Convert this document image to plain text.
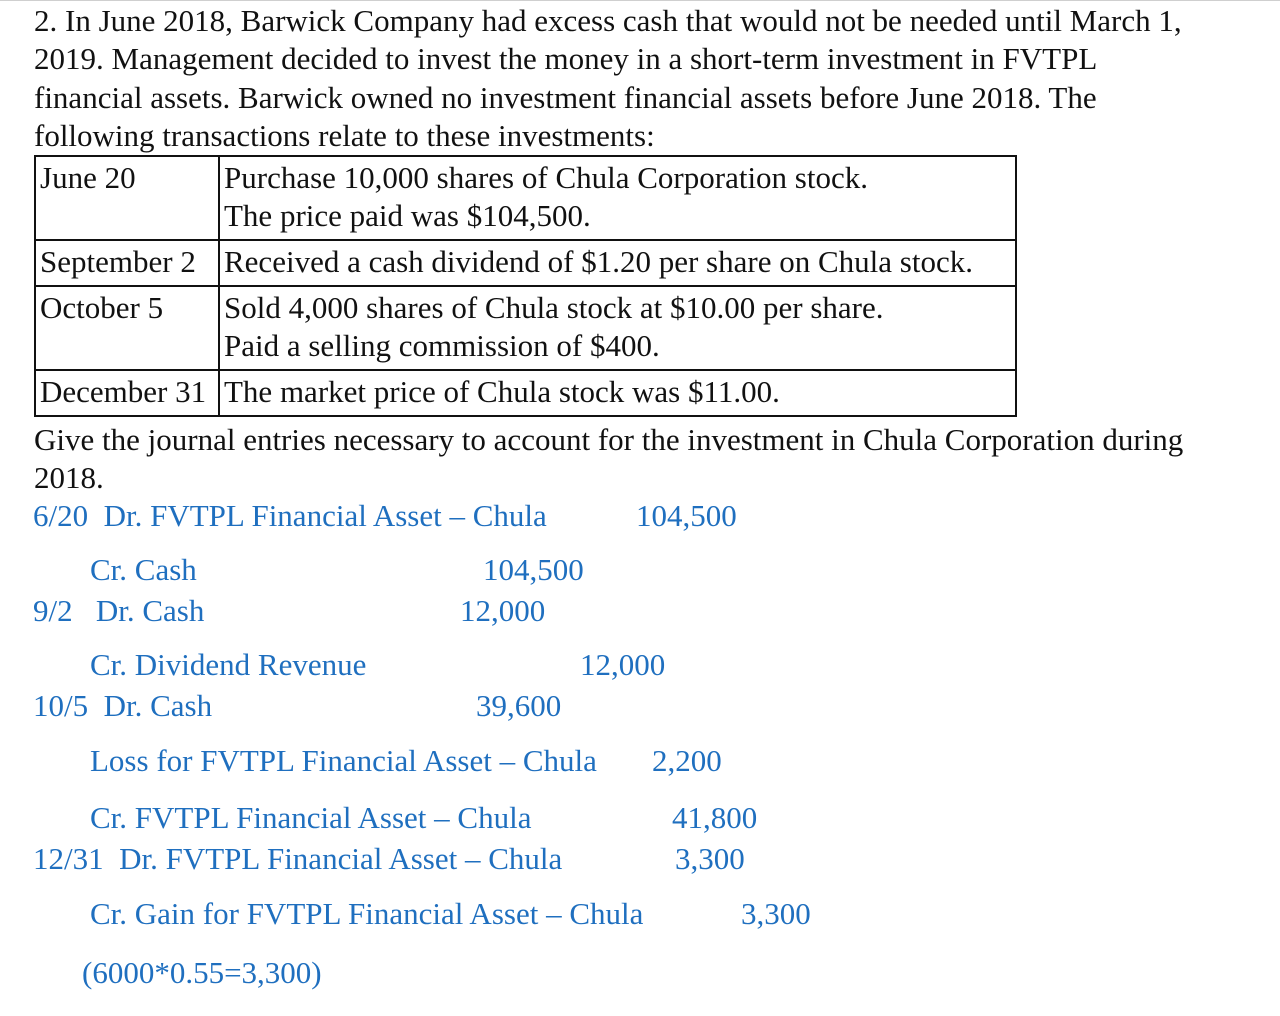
2. In June 2018, Barwick Company had excess cash that would not be needed until March 1,
2019. Management decided to invest the money in a short-term investment in FVTPL
financial assets. Barwick owned no investment financial assets before June 2018. The
following transactions relate to these investments:
June 20	Purchase 10,000 shares of Chula Corporation stock.
The price paid was $104,500.

September 2	Received a cash dividend of $1.20 per share on Chula stock.

October 5	Sold 4,000 shares of Chula stock at $10.00 per share.
Paid a selling commission of $400.

December 31	The market price of Chula stock was $11.00.
Give the journal entries necessary to account for the investment in Chula Corporation during
2018.
6/20  Dr. FVTPL Financial Asset – Chula	104,500
Cr. Cash	104,500
9/2   Dr. Cash	12,000
Cr. Dividend Revenue	12,000
10/5  Dr. Cash	39,600
Loss for FVTPL Financial Asset – Chula 2,200
Cr. FVTPL Financial Asset – Chula	41,800
12/31  Dr. FVTPL Financial Asset – Chula	3,300
Cr. Gain for FVTPL Financial Asset – Chula	3,300
(6000*0.55=3,300)
